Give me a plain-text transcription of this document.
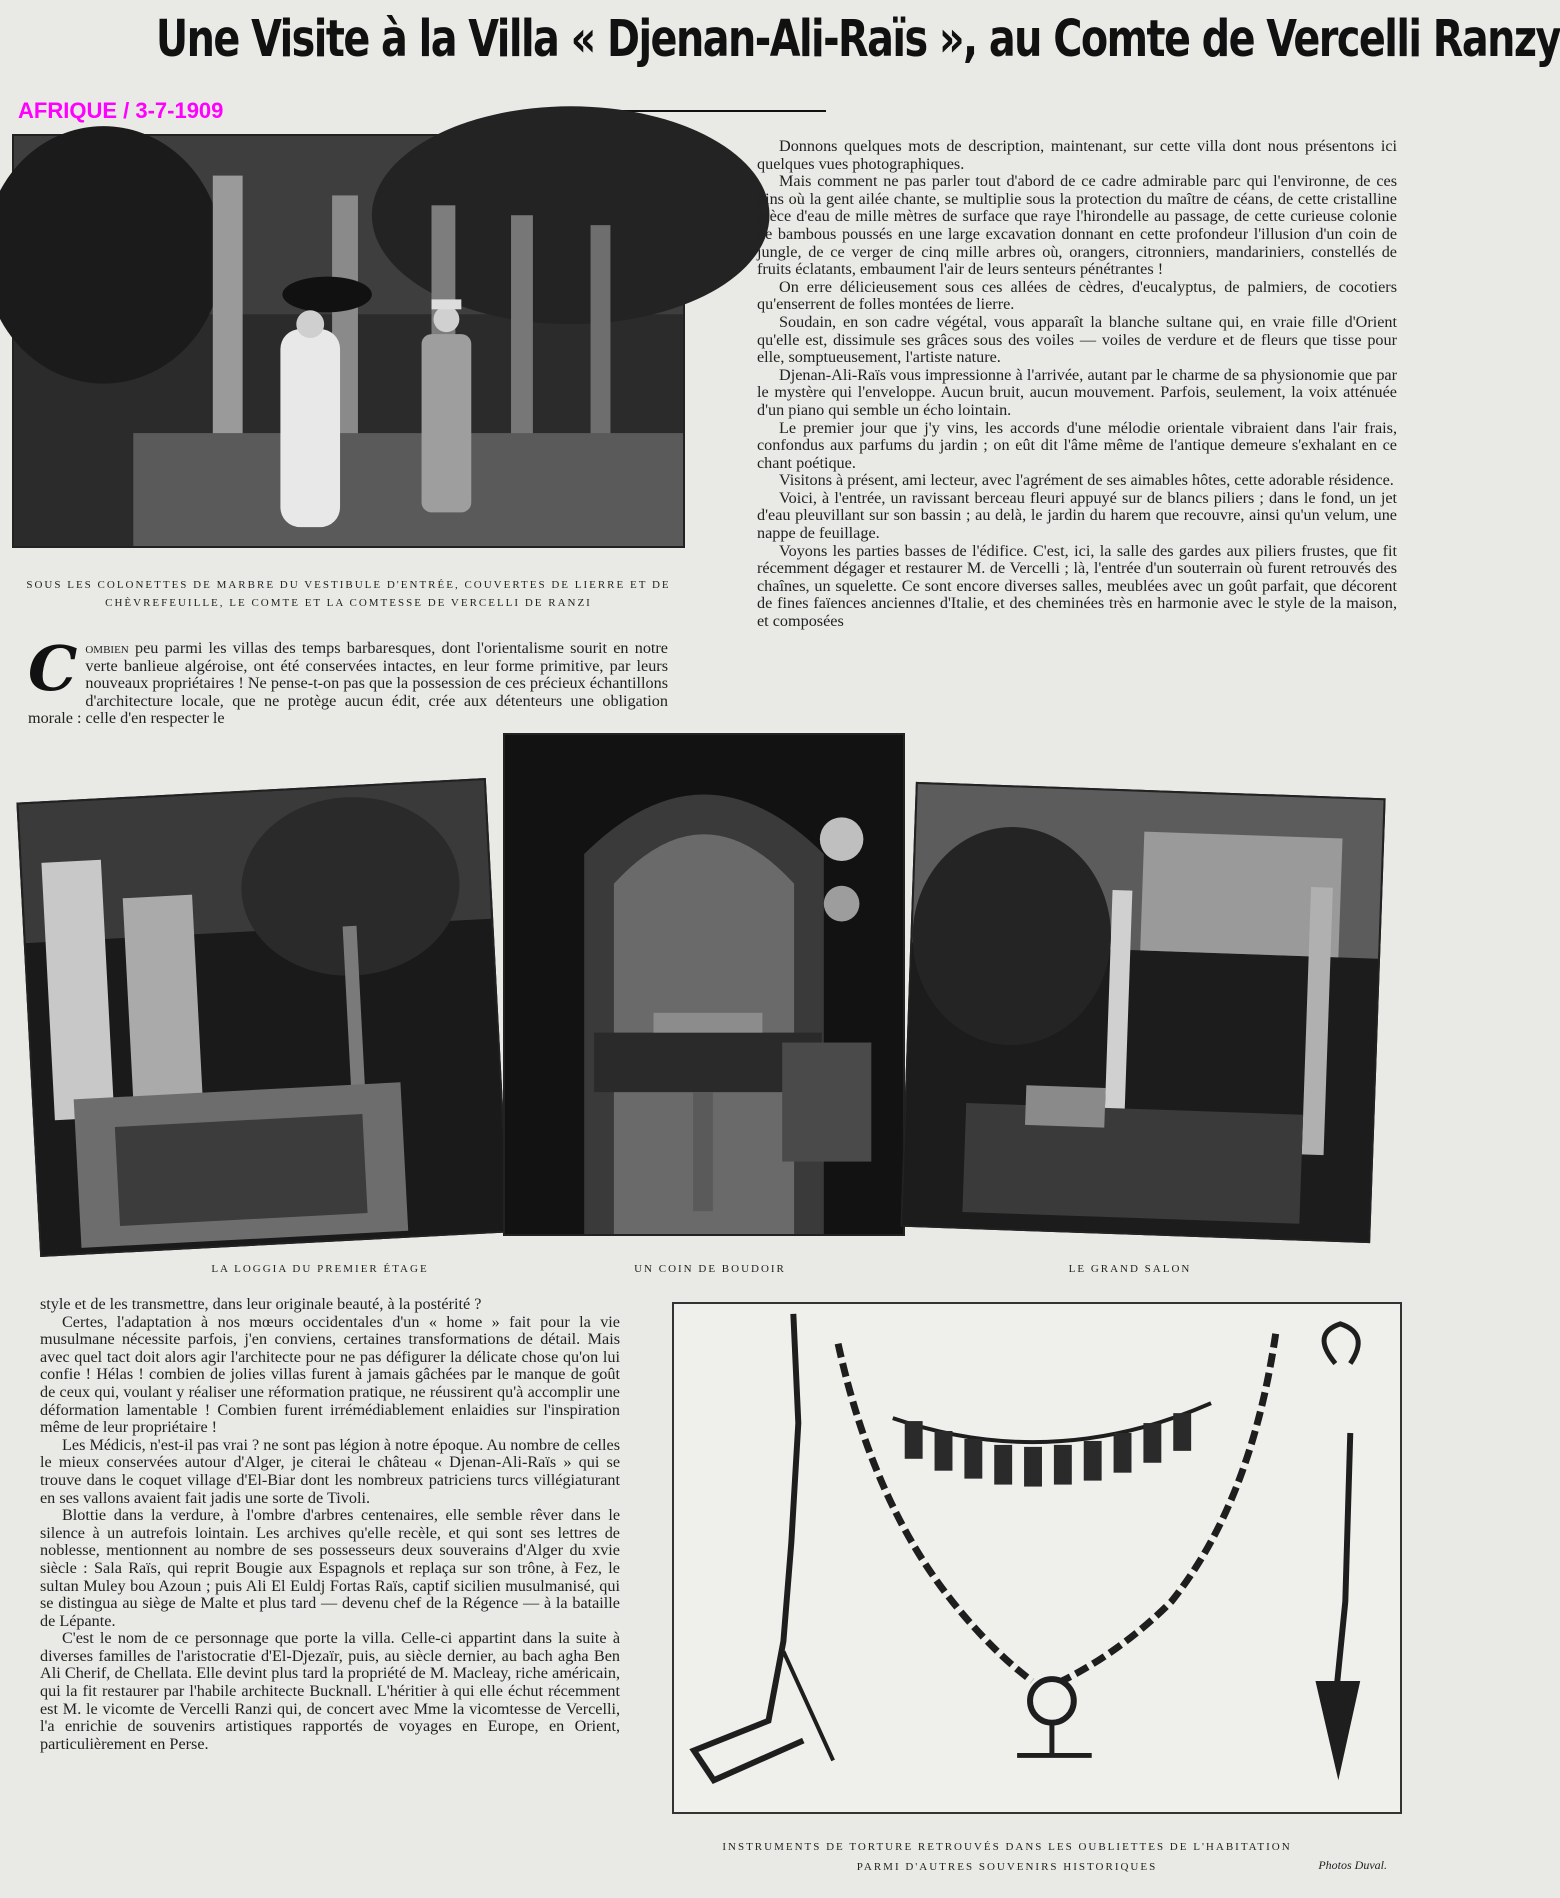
Une Visite à la Villa « Djenan-Ali-Raïs », au Comte de Vercelli Ranzy
AFRIQUE / 3-7-1909
SOUS LES COLONETTES DE MARBRE DU VESTIBULE D'ENTRÉE, COUVERTES DE LIERRE ET DE CHÈVREFEUILLE, LE COMTE ET LA COMTESSE DE VERCELLI DE RANZI

Donnons quelques mots de description, maintenant, sur cette villa dont nous présentons ici quelques vues photographiques.

Mais comment ne pas parler tout d'abord de ce cadre admirable parc qui l'environne, de ces pins où la gent ailée chante, se multiplie sous la protection du maître de céans, de cette cristalline pièce d'eau de mille mètres de surface que raye l'hirondelle au passage, de cette curieuse colonie de bambous poussés en une large excavation donnant en cette profondeur l'illusion d'un coin de jungle, de ce verger de cinq mille arbres où, orangers, citronniers, mandariniers, constellés de fruits éclatants, embaument l'air de leurs senteurs pénétrantes !

On erre délicieusement sous ces allées de cèdres, d'eucalyptus, de palmiers, de cocotiers qu'enserrent de folles montées de lierre.

Soudain, en son cadre végétal, vous apparaît la blanche sultane qui, en vraie fille d'Orient qu'elle est, dissimule ses grâces sous des voiles — voiles de verdure et de fleurs que tisse pour elle, somptueusement, l'artiste nature.

Djenan-Ali-Raïs vous impressionne à l'arrivée, autant par le charme de sa physionomie que par le mystère qui l'enveloppe. Aucun bruit, aucun mouvement. Parfois, seulement, la voix atténuée d'un piano qui semble un écho lointain.

Le premier jour que j'y vins, les accords d'une mélodie orientale vibraient dans l'air frais, confondus aux parfums du jardin ; on eût dit l'âme même de l'antique demeure s'exhalant en ce chant poétique.

Visitons à présent, ami lecteur, avec l'agrément de ses aimables hôtes, cette adorable résidence.

Voici, à l'entrée, un ravissant berceau fleuri appuyé sur de blancs piliers ; dans le fond, un jet d'eau pleuvillant sur son bassin ; au delà, le jardin du harem que recouvre, ainsi qu'un velum, une nappe de feuillage.

Voyons les parties basses de l'édifice. C'est, ici, la salle des gardes aux piliers frustes, que fit récemment dégager et restaurer M. de Vercelli ; là, l'entrée d'un souterrain où furent retrouvés des chaînes, un squelette. Ce sont encore diverses salles, meublées avec un goût parfait, que décorent de fines faïences anciennes d'Italie, et des cheminées très en harmonie avec le style de la maison, et composées

Combien peu parmi les villas des temps barbaresques, dont l'orientalisme sourit en notre verte banlieue algéroise, ont été conservées intactes, en leur forme primitive, par leurs nouveaux propriétaires ! Ne pense-t-on pas que la possession de ces précieux échantillons d'architecture locale, que ne protège aucun édit, crée aux détenteurs une obligation morale : celle d'en respecter le

LA LOGGIA DU PREMIER ÉTAGE	UN COIN DE BOUDOIR	LE GRAND SALON

style et de les transmettre, dans leur originale beauté, à la postérité ?

Certes, l'adaptation à nos mœurs occidentales d'un « home » fait pour la vie musulmane nécessite parfois, j'en conviens, certaines transformations de détail. Mais avec quel tact doit alors agir l'architecte pour ne pas défigurer la délicate chose qu'on lui confie ! Hélas ! combien de jolies villas furent à jamais gâchées par le manque de goût de ceux qui, voulant y réaliser une réformation pratique, ne réussirent qu'à accomplir une déformation lamentable ! Combien furent irrémédiablement enlaidies sur l'inspiration même de leur propriétaire !

Les Médicis, n'est-il pas vrai ? ne sont pas légion à notre époque. Au nombre de celles le mieux conservées autour d'Alger, je citerai le château « Djenan-Ali-Raïs » qui se trouve dans le coquet village d'El-Biar dont les nombreux patriciens turcs villégiaturant en ses vallons avaient fait jadis une sorte de Tivoli.

Blottie dans la verdure, à l'ombre d'arbres centenaires, elle semble rêver dans le silence à un autrefois lointain. Les archives qu'elle recèle, et qui sont ses lettres de noblesse, mentionnent au nombre de ses possesseurs deux souverains d'Alger du xvie siècle : Sala Raïs, qui reprit Bougie aux Espagnols et replaça sur son trône, à Fez, le sultan Muley bou Azoun ; puis Ali El Euldj Fortas Raïs, captif sicilien musulmanisé, qui se distingua au siège de Malte et plus tard — devenu chef de la Régence — à la bataille de Lépante.

C'est le nom de ce personnage que porte la villa. Celle-ci appartint dans la suite à diverses familles de l'aristocratie d'El-Djezaïr, puis, au siècle dernier, au bach agha Ben Ali Cherif, de Chellata. Elle devint plus tard la propriété de M. Macleay, riche américain, qui la fit restaurer par l'habile architecte Bucknall. L'héritier à qui elle échut récemment est M. le vicomte de Vercelli Ranzi qui, de concert avec Mme la vicomtesse de Vercelli, l'a enrichie de souvenirs artistiques rapportés de voyages en Europe, en Orient, particulièrement en Perse.

INSTRUMENTS DE TORTURE RETROUVÉS DANS LES OUBLIETTES DE L'HABITATION
PARMI D'AUTRES SOUVENIRS HISTORIQUES	Photos Duval.
